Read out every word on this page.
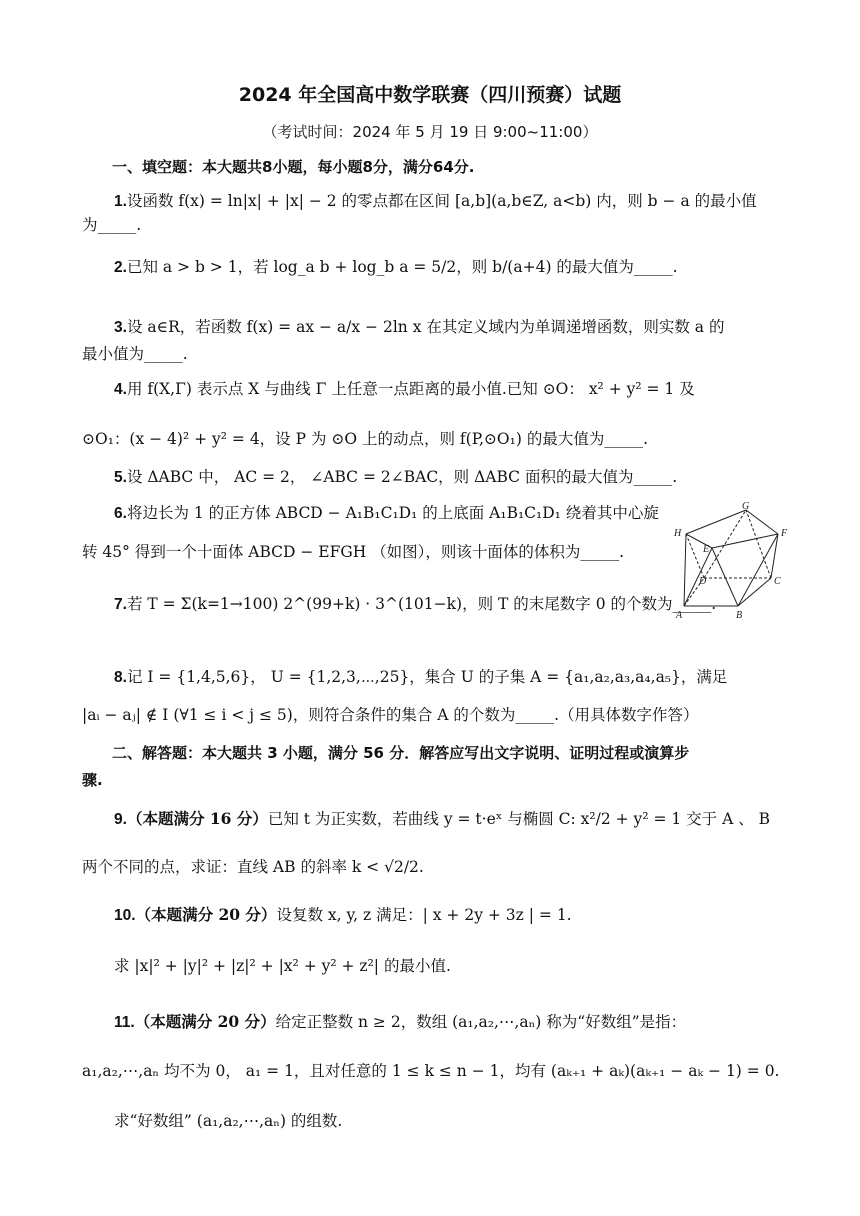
2024 年全国高中数学联赛（四川预赛）试题
（考试时间：2024 年 5 月 19 日 9:00~11:00）
一、填空题：本大题共8小题，每小题8分，满分64分.
1.设函数 f(x) = ln|x| + |x| − 2 的零点都在区间 [a,b](a,b∈Z, a<b) 内，则 b − a 的最小值
为_____.
2.已知 a > b > 1，若 log_a b + log_b a = 5/2，则 b/(a+4) 的最大值为_____.
3.设 a∈R，若函数 f(x) = ax − a/x − 2ln x 在其定义域内为单调递增函数，则实数 a 的
最小值为_____.
4.用 f(X,Γ) 表示点 X 与曲线 Γ 上任意一点距离的最小值.已知 ⊙O： x² + y² = 1 及
⊙O₁：(x − 4)² + y² = 4，设 P 为 ⊙O 上的动点，则 f(P,⊙O₁) 的最大值为_____.
5.设 ΔABC 中， AC = 2， ∠ABC = 2∠BAC，则 ΔABC 面积的最大值为_____.
6.将边长为 1 的正方体 ABCD − A₁B₁C₁D₁ 的上底面 A₁B₁C₁D₁ 绕着其中心旋
转 45° 得到一个十面体 ABCD − EFGH （如图），则该十面体的体积为_____.
7.若 T = Σ(k=1→100) 2^(99+k) · 3^(101−k)，则 T 的末尾数字 0 的个数为_____.
G
H
E
F
D	C
A	B
8.记 I = {1,4,5,6}， U = {1,2,3,⋯,25}，集合 U 的子集 A = {a₁,a₂,a₃,a₄,a₅}，满足
|aᵢ − aⱼ| ∉ I (∀1 ≤ i < j ≤ 5)，则符合条件的集合 A 的个数为_____.（用具体数字作答）
二、解答题：本大题共 3 小题，满分 56 分．解答应写出文字说明、证明过程或演算步
骤.
9.（本题满分 16 分）已知 t 为正实数，若曲线 y = t·eˣ 与椭圆 C: x²/2 + y² = 1 交于 A 、 B
两个不同的点，求证：直线 AB 的斜率 k < √2/2.
10.（本题满分 20 分）设复数 x, y, z 满足：| x + 2y + 3z | = 1.
求 |x|² + |y|² + |z|² + |x² + y² + z²| 的最小值.
11.（本题满分 20 分）给定正整数 n ≥ 2，数组 (a₁,a₂,⋯,aₙ) 称为“好数组”是指：
a₁,a₂,⋯,aₙ 均不为 0， a₁ = 1，且对任意的 1 ≤ k ≤ n − 1，均有 (aₖ₊₁ + aₖ)(aₖ₊₁ − aₖ − 1) = 0.
求“好数组” (a₁,a₂,⋯,aₙ) 的组数.
